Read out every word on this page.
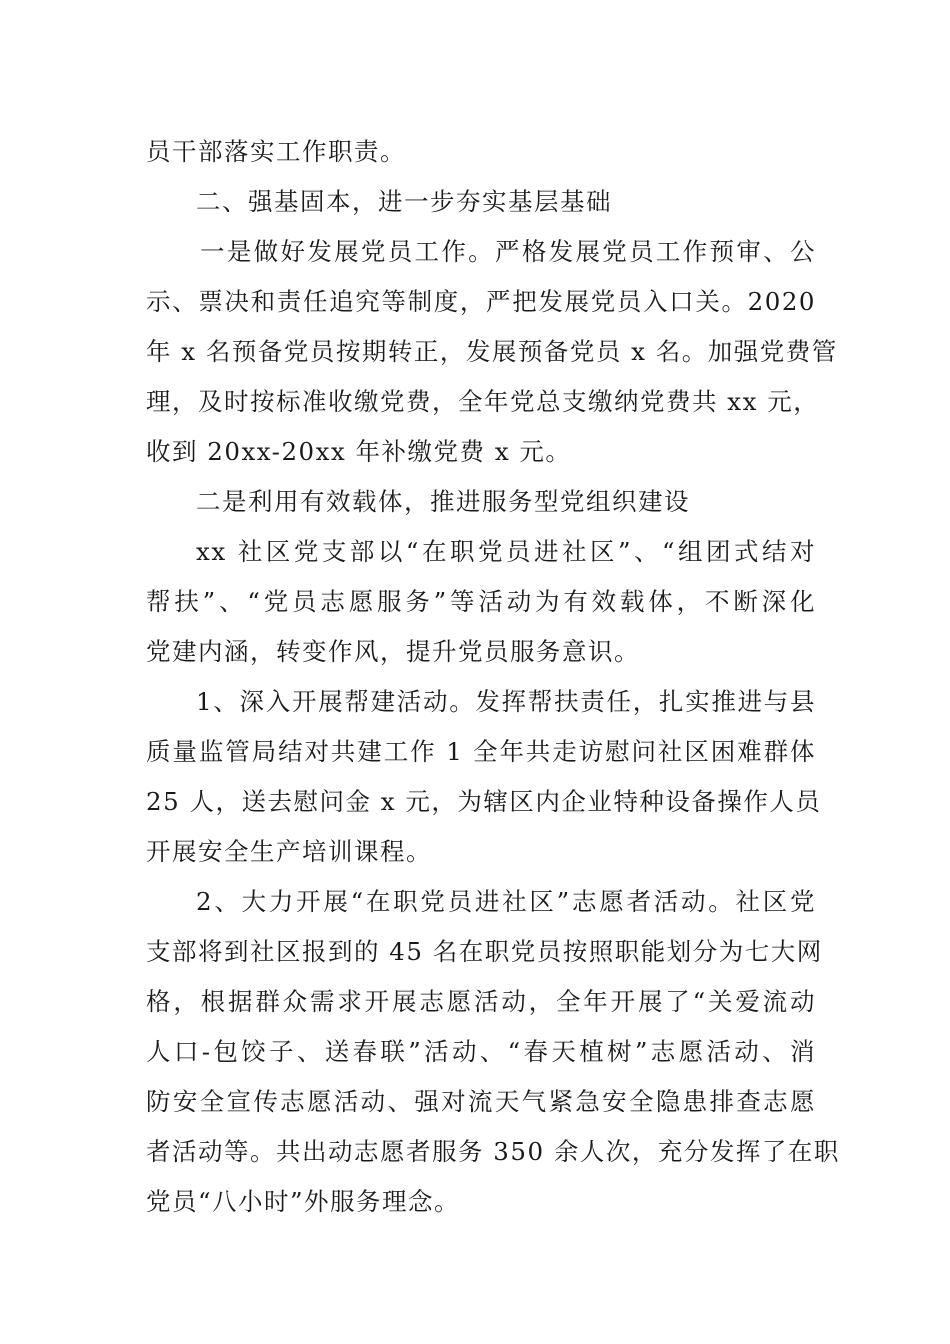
员干部落实工作职责。
二、强基固本，进一步夯实基层基础
一是做好发展党员工作。严格发展党员工作预审、公
示、票决和责任追究等制度，严把发展党员入口关。2020
年 x 名预备党员按期转正，发展预备党员 x 名。加强党费管
理，及时按标准收缴党费，全年党总支缴纳党费共 xx 元，
收到 20xx-20xx 年补缴党费 x 元。
二是利用有效载体，推进服务型党组织建设
xx 社区党支部以“在职党员进社区”、“组团式结对
帮扶”、“党员志愿服务”等活动为有效载体，不断深化
党建内涵，转变作风，提升党员服务意识。
1、深入开展帮建活动。发挥帮扶责任，扎实推进与县
质量监管局结对共建工作 1 全年共走访慰问社区困难群体
25 人，送去慰问金 x 元，为辖区内企业特种设备操作人员
开展安全生产培训课程。
2、大力开展“在职党员进社区”志愿者活动。社区党
支部将到社区报到的 45 名在职党员按照职能划分为七大网
格，根据群众需求开展志愿活动，全年开展了“关爱流动
人口-包饺子、送春联”活动、“春天植树”志愿活动、消
防安全宣传志愿活动、强对流天气紧急安全隐患排查志愿
者活动等。共出动志愿者服务 350 余人次，充分发挥了在职
党员“八小时”外服务理念。
